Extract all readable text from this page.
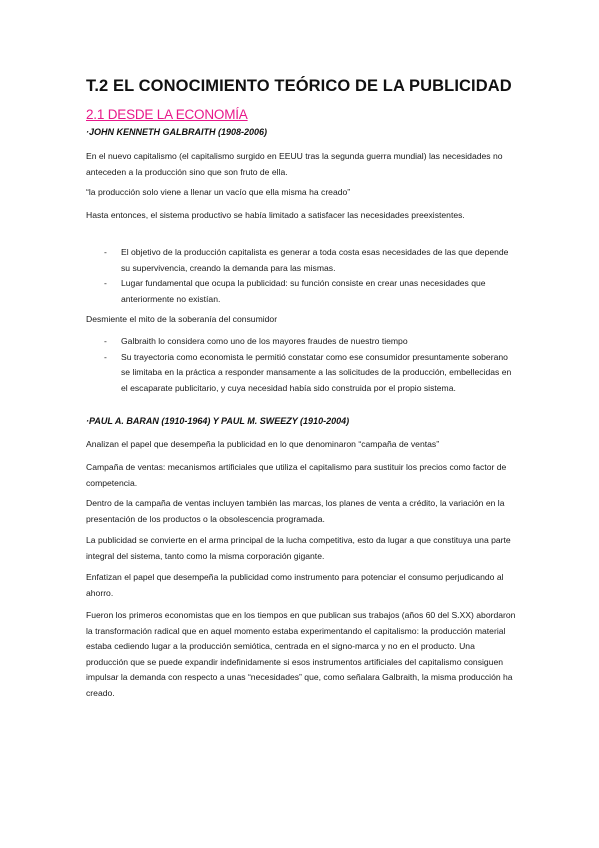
T.2 EL CONOCIMIENTO TEÓRICO DE LA PUBLICIDAD
2.1 DESDE LA ECONOMÍA
·JOHN KENNETH GALBRAITH (1908-2006)

En el nuevo capitalismo (el capitalismo surgido en EEUU tras la segunda guerra mundial) las necesidades no anteceden a la producción sino que son fruto de ella.

“la producción solo viene a llenar un vacío que ella misma ha creado”

Hasta entonces, el sistema productivo se había limitado a satisfacer las necesidades preexistentes.

- El objetivo de la producción capitalista es generar a toda costa esas necesidades de las que depende su supervivencia, creando la demanda para las mismas.
- Lugar fundamental que ocupa la publicidad: su función consiste en crear unas necesidades que anteriormente no existían.

Desmiente el mito de la soberanía del consumidor

- Galbraith lo considera como uno de los mayores fraudes de nuestro tiempo
- Su trayectoria como economista le permitió constatar como ese consumidor presuntamente soberano se limitaba en la práctica a responder mansamente a las solicitudes de la producción, embellecidas en el escaparate publicitario, y cuya necesidad había sido construida por el propio sistema.
·PAUL A. BARAN (1910-1964) Y PAUL M. SWEEZY (1910-2004)

Analizan el papel que desempeña la publicidad en lo que denominaron “campaña de ventas”

Campaña de ventas: mecanismos artificiales que utiliza el capitalismo para sustituir los precios como factor de competencia.

Dentro de la campaña de ventas incluyen también las marcas, los planes de venta a crédito, la variación en la presentación de los productos o la obsolescencia programada.

La publicidad se convierte en el arma principal de la lucha competitiva, esto da lugar a que constituya una parte integral del sistema, tanto como la misma corporación gigante.

Enfatizan el papel que desempeña la publicidad como instrumento para potenciar el consumo perjudicando al ahorro.

Fueron los primeros economistas que en los tiempos en que publican sus trabajos (años 60 del S.XX) abordaron la transformación radical que en aquel momento estaba experimentando el capitalismo: la producción material estaba cediendo lugar a la producción semiótica, centrada en el signo-marca y no en el producto. Una producción que se puede expandir indefinidamente si esos instrumentos artificiales del capitalismo consiguen impulsar la demanda con respecto a unas “necesidades” que, como señalara Galbraith, la misma producción ha creado.
